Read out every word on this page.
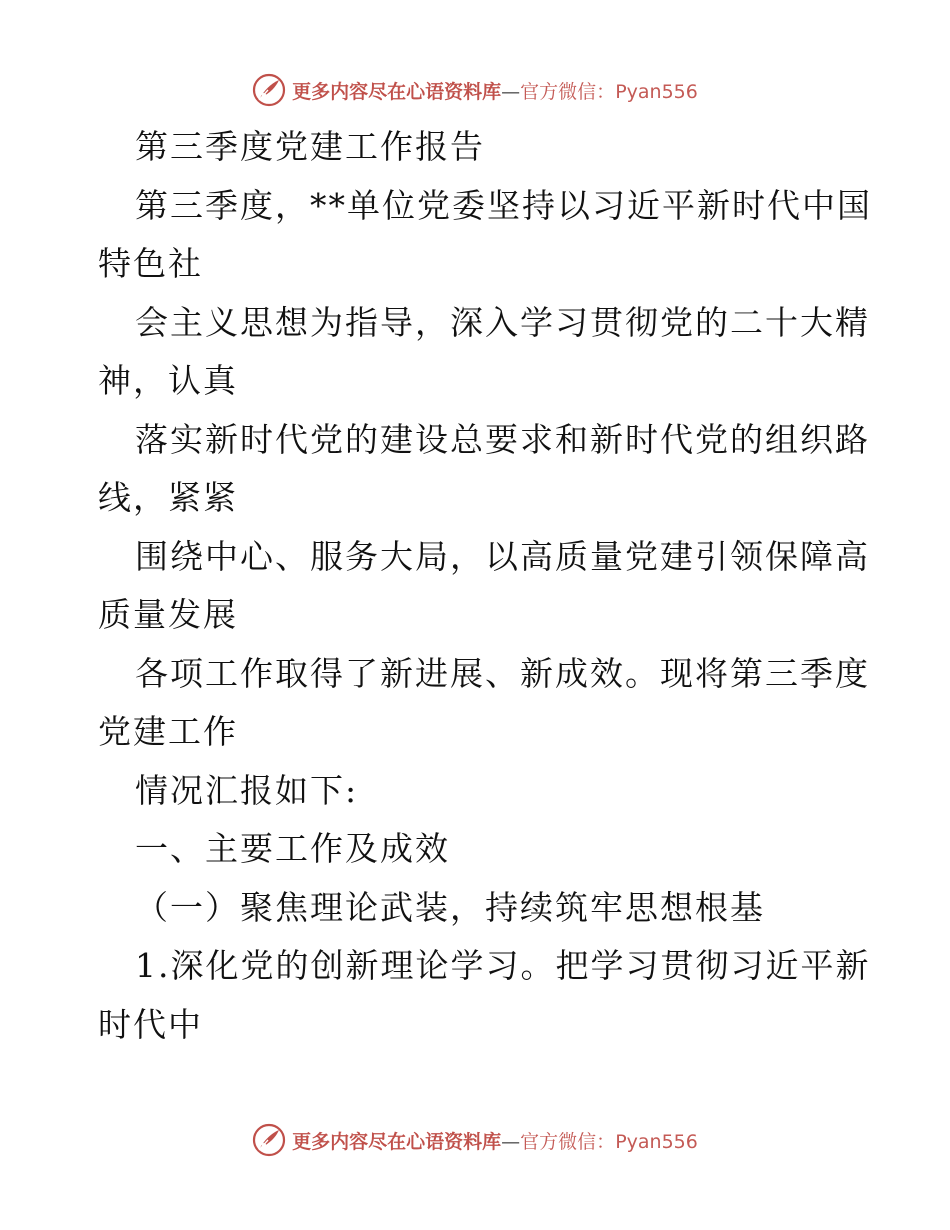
更多内容尽在心语资料库—官方微信：Pyan556
第三季度党建工作报告
第三季度，**单位党委坚持以习近平新时代中国
特色社
会主义思想为指导，深入学习贯彻党的二十大精
神，认真
落实新时代党的建设总要求和新时代党的组织路
线，紧紧
围绕中心、服务大局，以高质量党建引领保障高
质量发展
各项工作取得了新进展、新成效。现将第三季度
党建工作
情况汇报如下:
一、主要工作及成效
（一）聚焦理论武装，持续筑牢思想根基
1.深化党的创新理论学习。把学习贯彻习近平新
时代中
更多内容尽在心语资料库—官方微信：Pyan556
